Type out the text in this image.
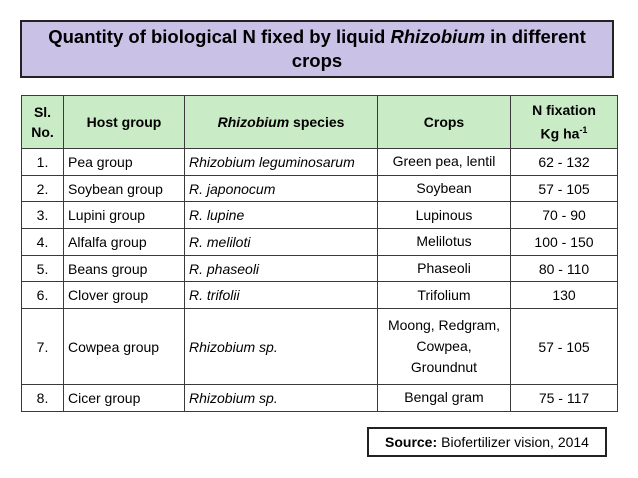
Quantity of biological N fixed by liquid Rhizobium in different
crops
Sl.
No.	Host group	Rhizobium species	Crops	N fixation
Kg $ha^{-1}$
1.	Pea group	Rhizobium leguminosarum	Green pea, lentil	62 - 132
2.	Soybean group	R. japonocum	Soybean	57 - 105
3.	Lupini group	R. lupine	Lupinous	70 - 90
4.	Alfalfa group	R. meliloti	Melilotus	100 - 150
5.	Beans group	R. phaseoli	Phaseoli	80 - 110
6.	Clover group	R. trifolii	Trifolium	130
7.	Cowpea group	Rhizobium sp.	Moong, Redgram,
Cowpea,
Groundnut	57 - 105
8.	Cicer group	Rhizobium sp.	Bengal gram	75 - 117
Source: Biofertilizer vision, 2014
